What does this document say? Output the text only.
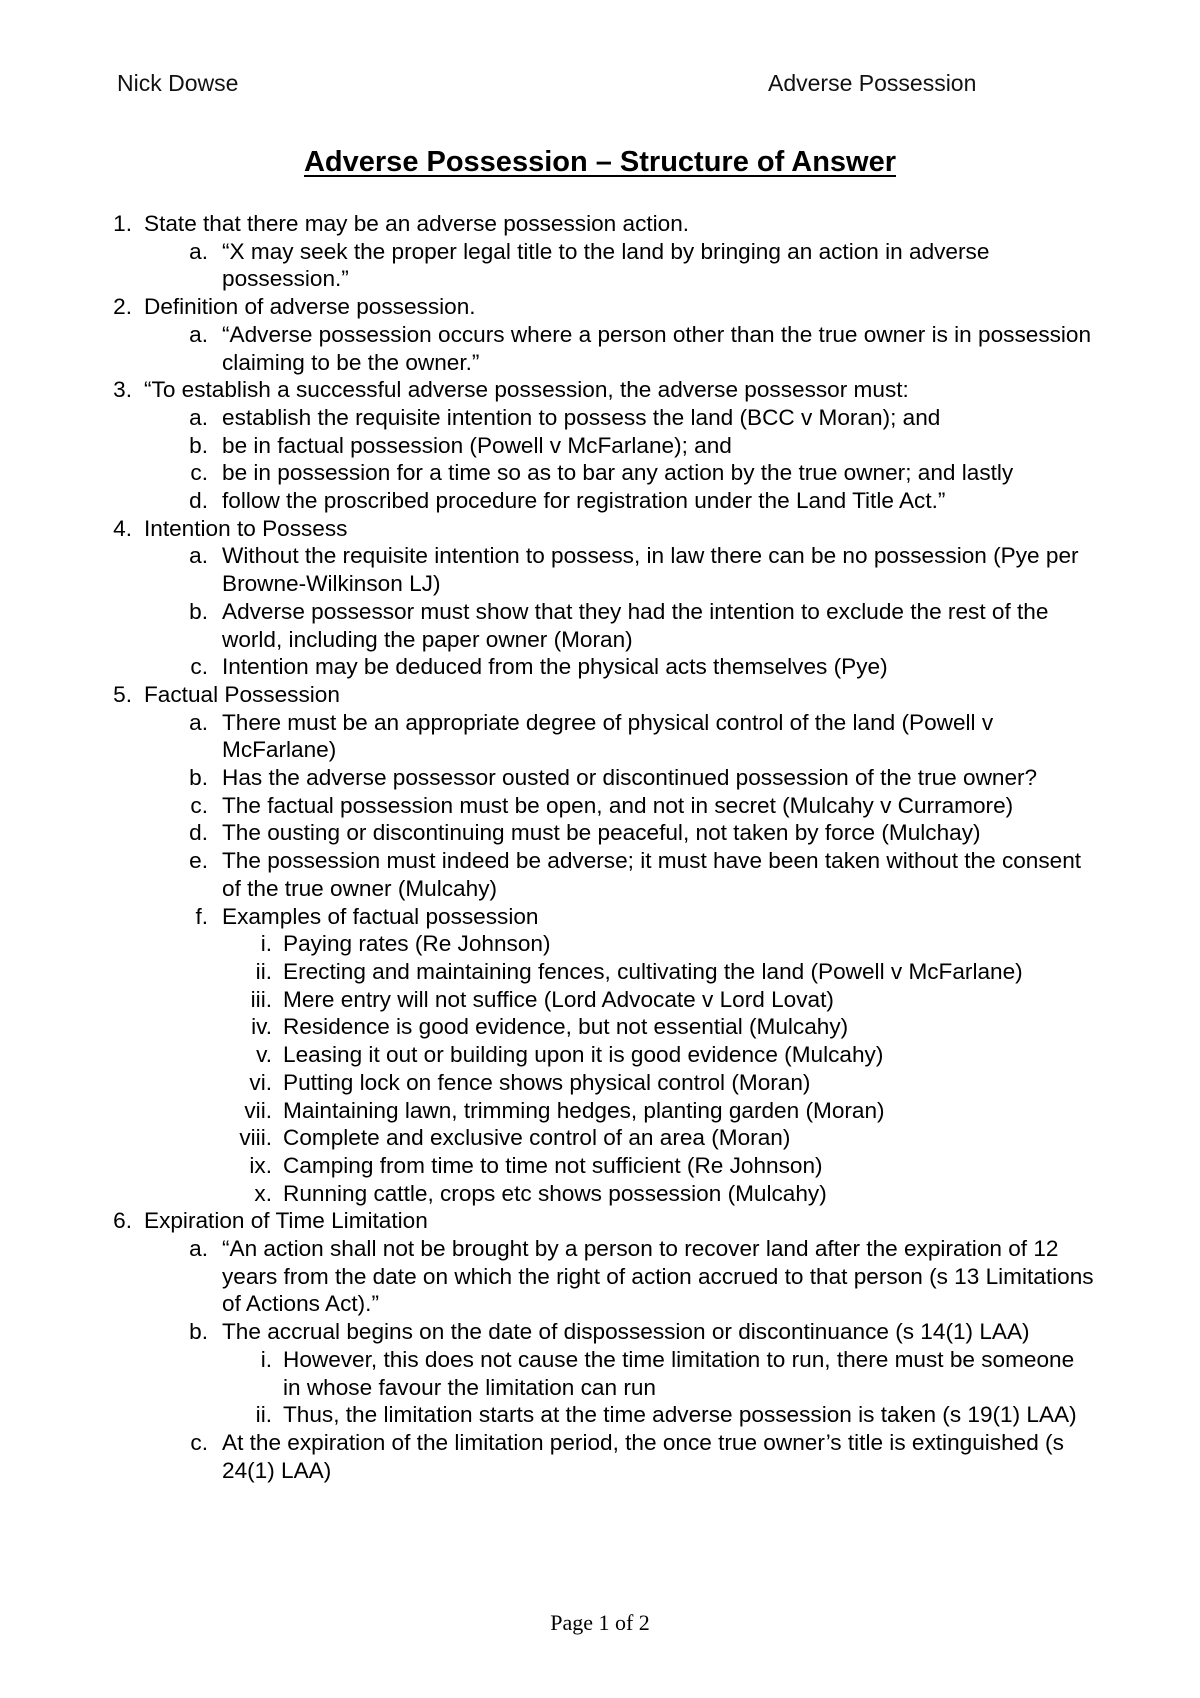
Nick Dowse	Adverse Possession
Adverse Possession – Structure of Answer
1. State that there may be an adverse possession action.
a. “X may seek the proper legal title to the land by bringing an action in adverse possession.”
2. Definition of adverse possession.
a. “Adverse possession occurs where a person other than the true owner is in possession claiming to be the owner.”
3. “To establish a successful adverse possession, the adverse possessor must:
a. establish the requisite intention to possess the land (BCC v Moran); and
b. be in factual possession (Powell v McFarlane); and
c. be in possession for a time so as to bar any action by the true owner; and lastly
d. follow the proscribed procedure for registration under the Land Title Act.”
4. Intention to Possess
a. Without the requisite intention to possess, in law there can be no possession (Pye per Browne-Wilkinson LJ)
b. Adverse possessor must show that they had the intention to exclude the rest of the world, including the paper owner (Moran)
c. Intention may be deduced from the physical acts themselves (Pye)
5. Factual Possession
a. There must be an appropriate degree of physical control of the land (Powell v McFarlane)
b. Has the adverse possessor ousted or discontinued possession of the true owner?
c. The factual possession must be open, and not in secret (Mulcahy v Curramore)
d. The ousting or discontinuing must be peaceful, not taken by force (Mulchay)
e. The possession must indeed be adverse; it must have been taken without the consent of the true owner (Mulcahy)
f. Examples of factual possession
i. Paying rates (Re Johnson)
ii. Erecting and maintaining fences, cultivating the land (Powell v McFarlane)
iii. Mere entry will not suffice (Lord Advocate v Lord Lovat)
iv. Residence is good evidence, but not essential (Mulcahy)
v. Leasing it out or building upon it is good evidence (Mulcahy)
vi. Putting lock on fence shows physical control (Moran)
vii. Maintaining lawn, trimming hedges, planting garden (Moran)
viii. Complete and exclusive control of an area (Moran)
ix. Camping from time to time not sufficient (Re Johnson)
x. Running cattle, crops etc shows possession (Mulcahy)
6. Expiration of Time Limitation
a. “An action shall not be brought by a person to recover land after the expiration of 12 years from the date on which the right of action accrued to that person (s 13 Limitations of Actions Act).”
b. The accrual begins on the date of dispossession or discontinuance (s 14(1) LAA)
i. However, this does not cause the time limitation to run, there must be someone in whose favour the limitation can run
ii. Thus, the limitation starts at the time adverse possession is taken (s 19(1) LAA)
c. At the expiration of the limitation period, the once true owner’s title is extinguished (s 24(1) LAA)
Page 1 of 2
